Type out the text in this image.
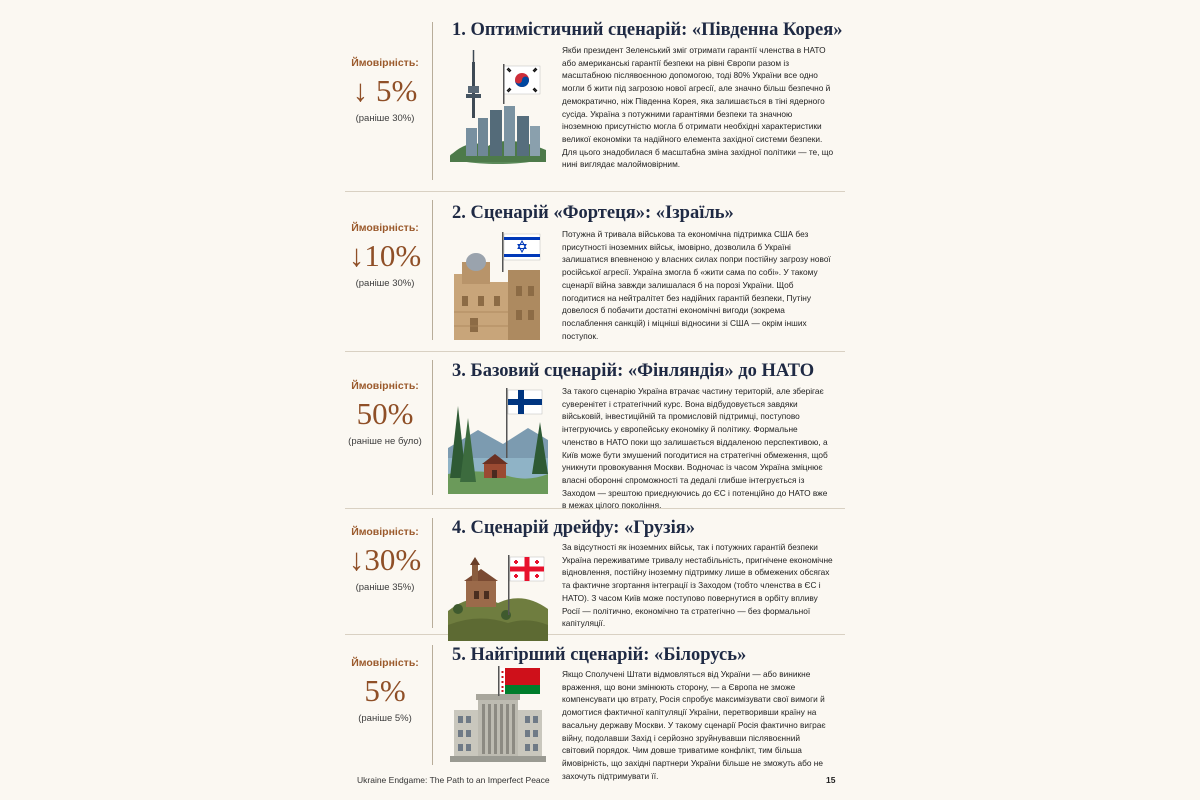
Ймовірність:
↓ 5%
(раніше 30%)
1. Оптимістичний сценарій: «Південна Корея»
Якби президент Зеленський зміг отримати гарантії членства в НАТО або американські гарантії безпеки на рівні Європи разом із масштабною післявоєнною допомогою, тоді 80% України все одно могли б жити під загрозою нової агресії, але значно більш безпечно й демократично, ніж Південна Корея, яка залишається в тіні ядерного сусіда. Україна з потужними гарантіями безпеки та значною іноземною присутністю могла б отримати необхідні характеристики великої економіки та надійного елемента західної системи безпеки. Для цього знадобилася б масштабна зміна західної політики — те, що нині виглядає малоймовірним.
Ймовірність:
↓10%
(раніше 30%)
2. Сценарій «Фортеця»: «Ізраїль»
Потужна й тривала військова та економічна підтримка США без присутності іноземних військ, імовірно, дозволила б Україні залишатися впевненою у власних силах попри постійну загрозу нової російської агресії. Україна змогла б «жити сама по собі». У такому сценарії війна завжди залишалася б на порозі України. Щоб погодитися на нейтралітет без надійних гарантій безпеки, Путіну довелося б побачити достатні економічні вигоди (зокрема послаблення санкцій) і міцніші відносини зі США — окрім інших поступок.
Ймовірність:
50%
(раніше не було)
3. Базовий сценарій: «Фінляндія» до НАТО
За такого сценарію Україна втрачає частину територій, але зберігає суверенітет і стратегічний курс. Вона відбудовується завдяки військовій, інвестиційній та промисловій підтримці, поступово інтегруючись у європейську економіку й політику. Формальне членство в НАТО поки що залишається віддаленою перспективою, а Київ може бути змушений погодитися на стратегічні обмеження, щоб уникнути провокування Москви. Водночас із часом Україна зміцнює власні оборонні спроможності та дедалі глибше інтегрується із Заходом — зрештою приєднуючись до ЄС і потенційно до НАТО вже в межах цілого покоління.
Ймовірність:
↓30%
(раніше 35%)
4. Сценарій дрейфу: «Грузія»
За відсутності як іноземних військ, так і потужних гарантій безпеки Україна переживатиме тривалу нестабільність, пригнічене економічне відновлення, постійну іноземну підтримку лише в обмежених обсягах та фактичне згортання інтеграції із Заходом (тобто членства в ЄС і НАТО). З часом Київ може поступово повернутися в орбіту впливу Росії — політично, економічно та стратегічно — без формальної капітуляції.
Ймовірність:
5%
(раніше 5%)
5. Найгірший сценарій: «Білорусь»
Якщо Сполучені Штати відмовляться від України — або виникне враження, що вони змінюють сторону, — а Європа не зможе компенсувати цю втрату, Росія спробує максимізувати свої вимоги й домогтися фактичної капітуляції України, перетворивши країну на васальну державу Москви. У такому сценарії Росія фактично виграє війну, подолавши Захід і серйозно зруйнувавши післявоєнний світовий порядок. Чим довше триватиме конфлікт, тим більша ймовірність, що західні партнери України більше не зможуть або не захочуть підтримувати її.
Ukraine Endgame: The Path to an Imperfect Peace	15
